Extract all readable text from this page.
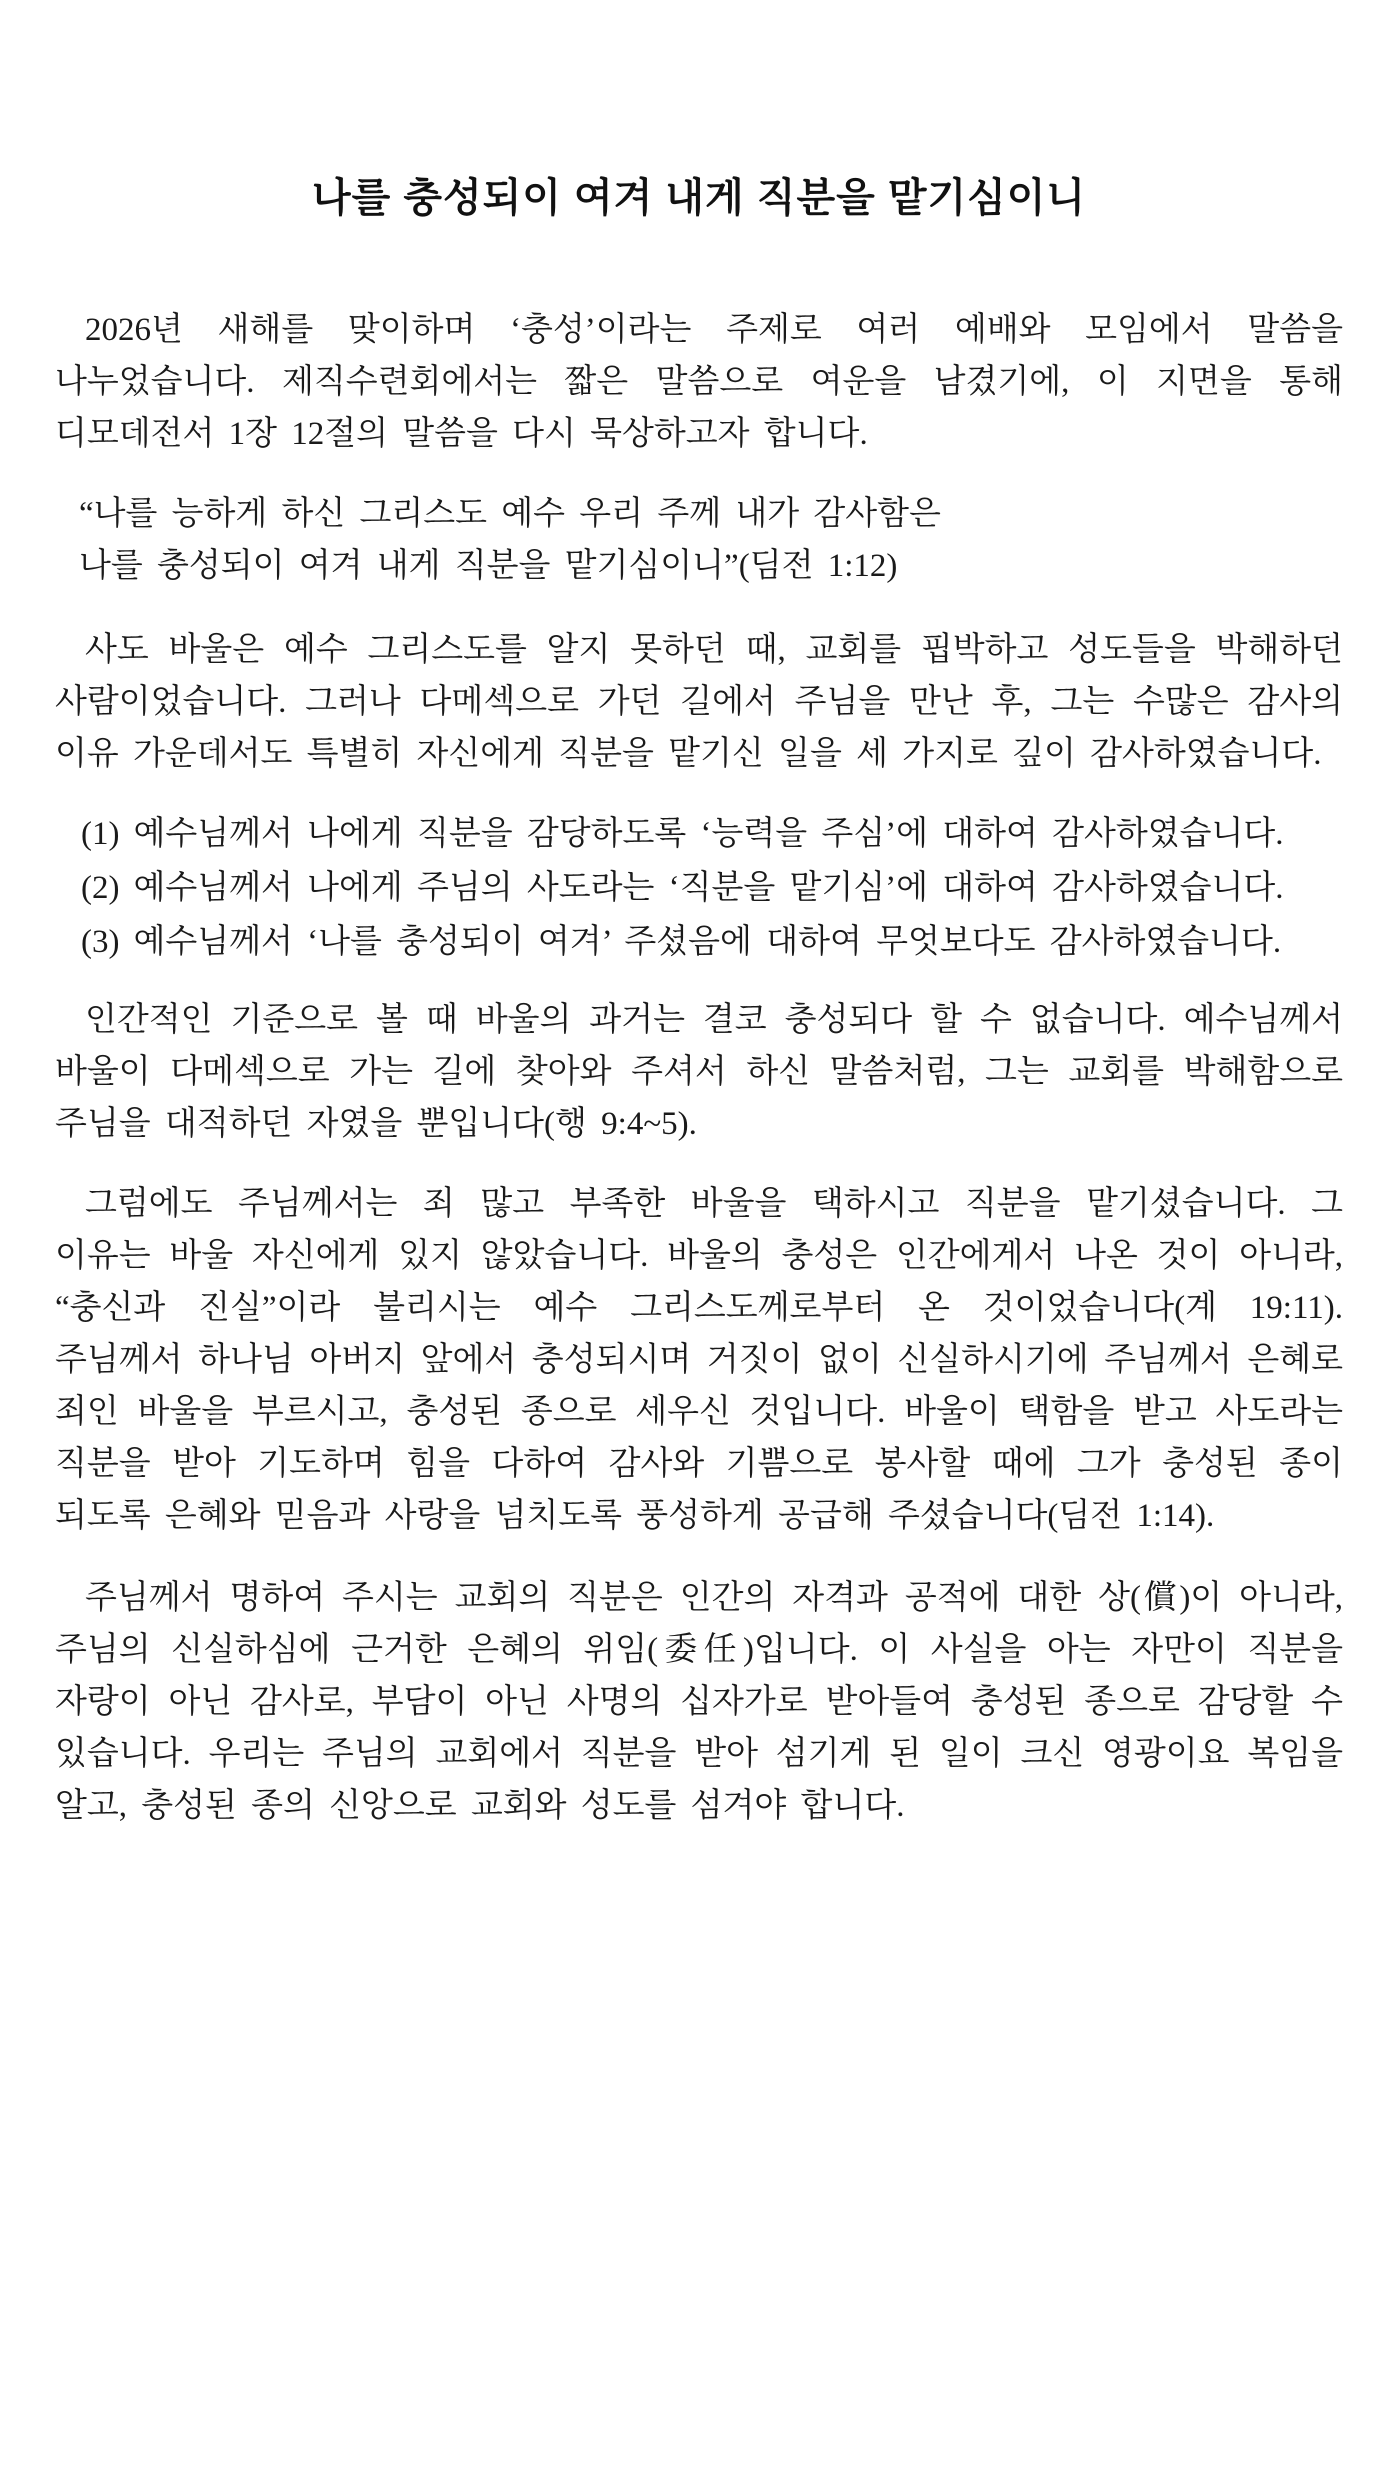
나를 충성되이 여겨 내게 직분을 맡기심이니

2026년 새해를 맞이하며 ‘충성’이라는 주제로 여러 예배와 모임에서 말씀을 나누었습니다. 제직수련회에서는 짧은 말씀으로 여운을 남겼기에, 이 지면을 통해 디모데전서 1장 12절의 말씀을 다시 묵상하고자 합니다.

“나를 능하게 하신 그리스도 예수 우리 주께 내가 감사함은
나를 충성되이 여겨 내게 직분을 맡기심이니”(딤전 1:12)

사도 바울은 예수 그리스도를 알지 못하던 때, 교회를 핍박하고 성도들을 박해하던 사람이었습니다. 그러나 다메섹으로 가던 길에서 주님을 만난 후, 그는 수많은 감사의 이유 가운데서도 특별히 자신에게 직분을 맡기신 일을 세 가지로 깊이 감사하였습니다.

(1) 예수님께서 나에게 직분을 감당하도록 ‘능력을 주심’에 대하여 감사하였습니다.
(2) 예수님께서 나에게 주님의 사도라는 ‘직분을 맡기심’에 대하여 감사하였습니다.
(3) 예수님께서 ‘나를 충성되이 여겨’ 주셨음에 대하여 무엇보다도 감사하였습니다.

인간적인 기준으로 볼 때 바울의 과거는 결코 충성되다 할 수 없습니다. 예수님께서 바울이 다메섹으로 가는 길에 찾아와 주셔서 하신 말씀처럼, 그는 교회를 박해함으로 주님을 대적하던 자였을 뿐입니다(행 9:4~5).

그럼에도 주님께서는 죄 많고 부족한 바울을 택하시고 직분을 맡기셨습니다. 그 이유는 바울 자신에게 있지 않았습니다. 바울의 충성은 인간에게서 나온 것이 아니라, “충신과 진실”이라 불리시는 예수 그리스도께로부터 온 것이었습니다(계 19:11). 주님께서 하나님 아버지 앞에서 충성되시며 거짓이 없이 신실하시기에 주님께서 은혜로 죄인 바울을 부르시고, 충성된 종으로 세우신 것입니다. 바울이 택함을 받고 사도라는 직분을 받아 기도하며 힘을 다하여 감사와 기쁨으로 봉사할 때에 그가 충성된 종이 되도록 은혜와 믿음과 사랑을 넘치도록 풍성하게 공급해 주셨습니다(딤전 1:14).

주님께서 명하여 주시는 교회의 직분은 인간의 자격과 공적에 대한 상(償)이 아니라, 주님의 신실하심에 근거한 은혜의 위임(委任)입니다. 이 사실을 아는 자만이 직분을 자랑이 아닌 감사로, 부담이 아닌 사명의 십자가로 받아들여 충성된 종으로 감당할 수 있습니다. 우리는 주님의 교회에서 직분을 받아 섬기게 된 일이 크신 영광이요 복임을 알고, 충성된 종의 신앙으로 교회와 성도를 섬겨야 합니다.
